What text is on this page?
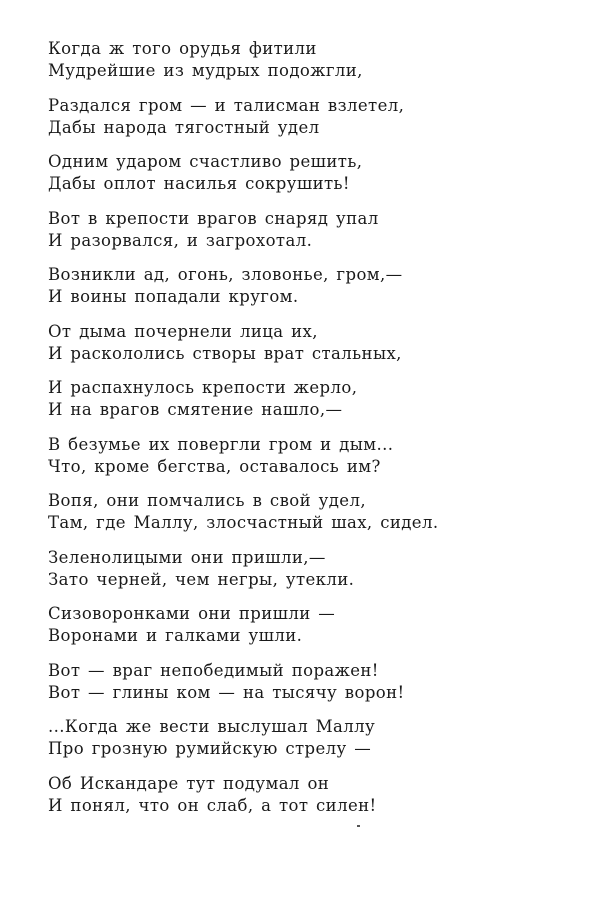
Когда ж того орудья фитили
Мудрейшие из мудрых подожгли,
Раздался гром — и талисман взлетел,
Дабы народа тягостный удел
Одним ударом счастливо решить,
Дабы оплот насилья сокрушить!
Вот в крепости врагов снаряд упал
И разорвался, и загрохотал.
Возникли ад, огонь, зловонье, гром,—
И воины попадали кругом.
От дыма почернели лица их,
И раскололись створы врат стальных,
И распахнулось крепости жерло,
И на врагов смятение нашло,—
В безумье их повергли гром и дым...
Что, кроме бегства, оставалось им?
Вопя, они помчались в свой удел,
Там, где Маллу, злосчастный шах, сидел.
Зеленолицыми они пришли,—
Зато черней, чем негры, утекли.
Сизоворонками они пришли —
Воронами и галками ушли.
Вот — враг непобедимый поражен!
Вот — глины ком — на тысячу ворон!
...Когда же вести выслушал Маллу
Про грозную румийскую стрелу —
Об Искандаре тут подумал он
И понял, что он слаб, а тот силен!
